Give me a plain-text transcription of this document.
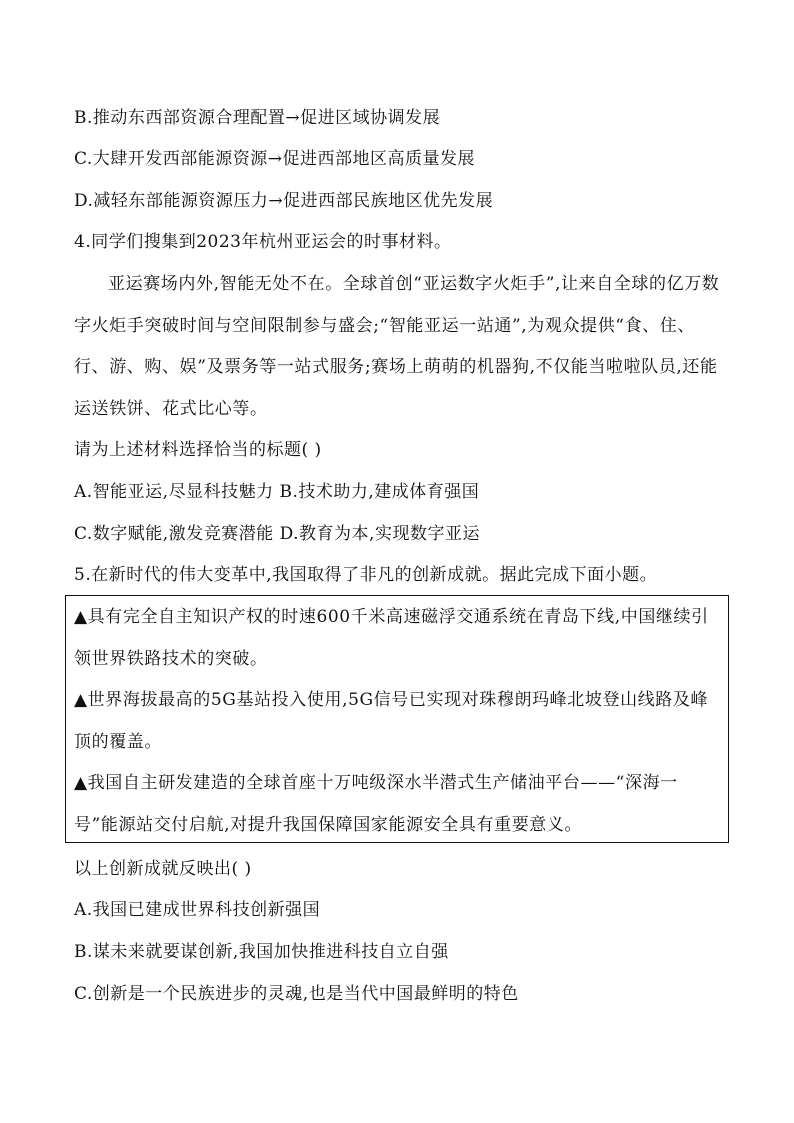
B.推动东西部资源合理配置→促进区域协调发展
C.大肆开发西部能源资源→促进西部地区高质量发展
D.减轻东部能源资源压力→促进西部民族地区优先发展
4.同学们搜集到2023年杭州亚运会的时事材料。
亚运赛场内外,智能无处不在。全球首创“亚运数字火炬手”,让来自全球的亿万数字火炬手突破时间与空间限制参与盛会;“智能亚运一站通”,为观众提供“食、住、行、游、购、娱”及票务等一站式服务;赛场上萌萌的机器狗,不仅能当啦啦队员,还能运送铁饼、花式比心等。
请为上述材料选择恰当的标题( )
A.智能亚运,尽显科技魅力 B.技术助力,建成体育强国
C.数字赋能,激发竞赛潜能 D.教育为本,实现数字亚运
5.在新时代的伟大变革中,我国取得了非凡的创新成就。据此完成下面小题。
▲具有完全自主知识产权的时速600千米高速磁浮交通系统在青岛下线,中国继续引领世界铁路技术的突破。
▲世界海拔最高的5G基站投入使用,5G信号已实现对珠穆朗玛峰北坡登山线路及峰顶的覆盖。
▲我国自主研发建造的全球首座十万吨级深水半潜式生产储油平台——“深海一号”能源站交付启航,对提升我国保障国家能源安全具有重要意义。
以上创新成就反映出( )
A.我国已建成世界科技创新强国
B.谋未来就要谋创新,我国加快推进科技自立自强
C.创新是一个民族进步的灵魂,也是当代中国最鲜明的特色
